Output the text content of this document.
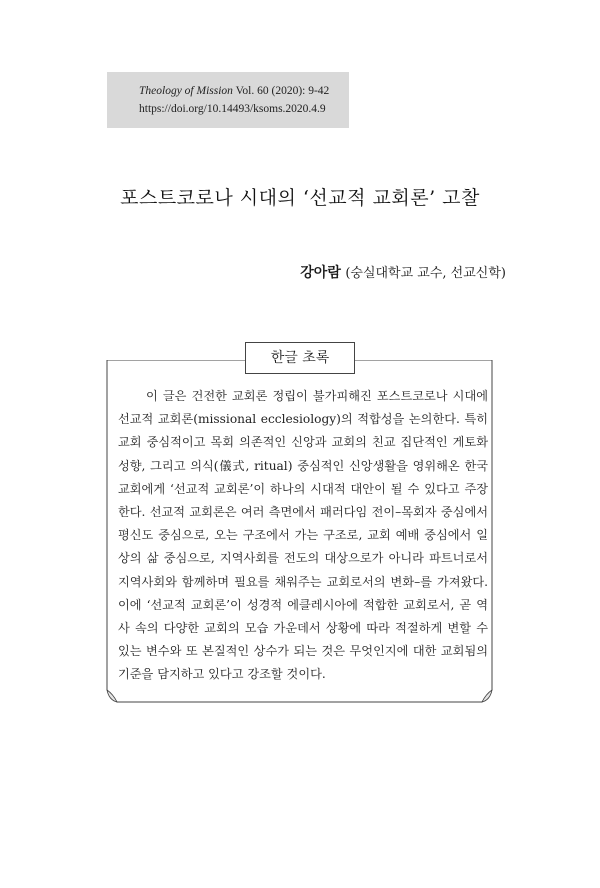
Theology of Mission Vol. 60 (2020): 9-42
https://doi.org/10.14493/ksoms.2020.4.9
포스트코로나 시대의 ‘선교적 교회론’ 고찰
강아람 (숭실대학교 교수, 선교신학)
한글 초록

이 글은 건전한 교회론 정립이 불가피해진 포스트코로나 시대에 선교적 교회론(missional ecclesiology)의 적합성을 논의한다. 특히 교회 중심적이고 목회 의존적인 신앙과 교회의 친교 집단적인 게토화 성향, 그리고 의식(儀式, ritual) 중심적인 신앙생활을 영위해온 한국교회에게 ‘선교적 교회론’이 하나의 시대적 대안이 될 수 있다고 주장한다. 선교적 교회론은 여러 측면에서 패러다임 전이–목회자 중심에서 평신도 중심으로, 오는 구조에서 가는 구조로, 교회 예배 중심에서 일상의 삶 중심으로, 지역사회를 전도의 대상으로가 아니라 파트너로서 지역사회와 함께하며 필요를 채워주는 교회로서의 변화–를 가져왔다. 이에 ‘선교적 교회론’이 성경적 에클레시아에 적합한 교회로서, 곧 역사 속의 다양한 교회의 모습 가운데서 상황에 따라 적절하게 변할 수 있는 변수와 또 본질적인 상수가 되는 것은 무엇인지에 대한 교회됨의 기준을 담지하고 있다고 강조할 것이다.
